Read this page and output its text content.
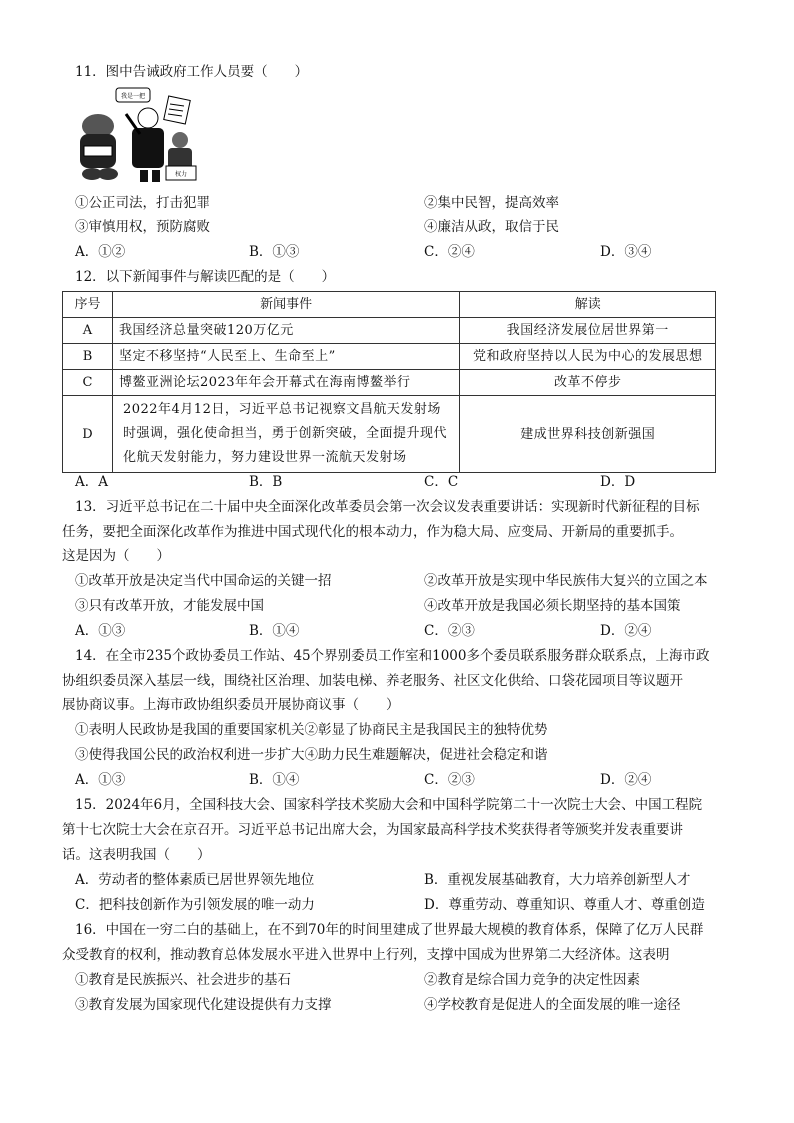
11．图中告诫政府工作人员要（　　）
我是一把
权力
①公正司法，打击犯罪	②集中民智，提高效率
③审慎用权，预防腐败	④廉洁从政，取信于民
A．①②	B．①③	C．②④	D．③④
12．以下新闻事件与解读匹配的是（　　）
序号	新闻事件	解读
A	我国经济总量突破120万亿元	我国经济发展位居世界第一
B	坚定不移坚持“人民至上、生命至上”	党和政府坚持以人民为中心的发展思想
C	博鳌亚洲论坛2023年年会开幕式在海南博鳌举行	改革不停步
D	2022年4月12日，习近平总书记视察文昌航天发射场时强调，强化使命担当，勇于创新突破，全面提升现代化航天发射能力，努力建设世界一流航天发射场	建成世界科技创新强国
A．A	B．B	C．C	D．D
13．习近平总书记在二十届中央全面深化改革委员会第一次会议发表重要讲话：实现新时代新征程的目标
任务，要把全面深化改革作为推进中国式现代化的根本动力，作为稳大局、应变局、开新局的重要抓手。
这是因为（　　）
①改革开放是决定当代中国命运的关键一招	②改革开放是实现中华民族伟大复兴的立国之本
③只有改革开放，才能发展中国	④改革开放是我国必须长期坚持的基本国策
A．①③	B．①④	C．②③	D．②④
14．在全市235个政协委员工作站、45个界别委员工作室和1000多个委员联系服务群众联系点，上海市政
协组织委员深入基层一线，围绕社区治理、加装电梯、养老服务、社区文化供给、口袋花园项目等议题开
展协商议事。上海市政协组织委员开展协商议事（　　）
①表明人民政协是我国的重要国家机关②彰显了协商民主是我国民主的独特优势
③使得我国公民的政治权利进一步扩大④助力民生难题解决，促进社会稳定和谐
A．①③	B．①④	C．②③	D．②④
15．2024年6月，全国科技大会、国家科学技术奖励大会和中国科学院第二十一次院士大会、中国工程院
第十七次院士大会在京召开。习近平总书记出席大会，为国家最高科学技术奖获得者等颁奖并发表重要讲
话。这表明我国（　　）
A．劳动者的整体素质已居世界领先地位	B．重视发展基础教育，大力培养创新型人才
C．把科技创新作为引领发展的唯一动力	D．尊重劳动、尊重知识、尊重人才、尊重创造
16．中国在一穷二白的基础上，在不到70年的时间里建成了世界最大规模的教育体系，保障了亿万人民群
众受教育的权利，推动教育总体发展水平进入世界中上行列，支撑中国成为世界第二大经济体。这表明
①教育是民族振兴、社会进步的基石	②教育是综合国力竞争的决定性因素
③教育发展为国家现代化建设提供有力支撑	④学校教育是促进人的全面发展的唯一途径
